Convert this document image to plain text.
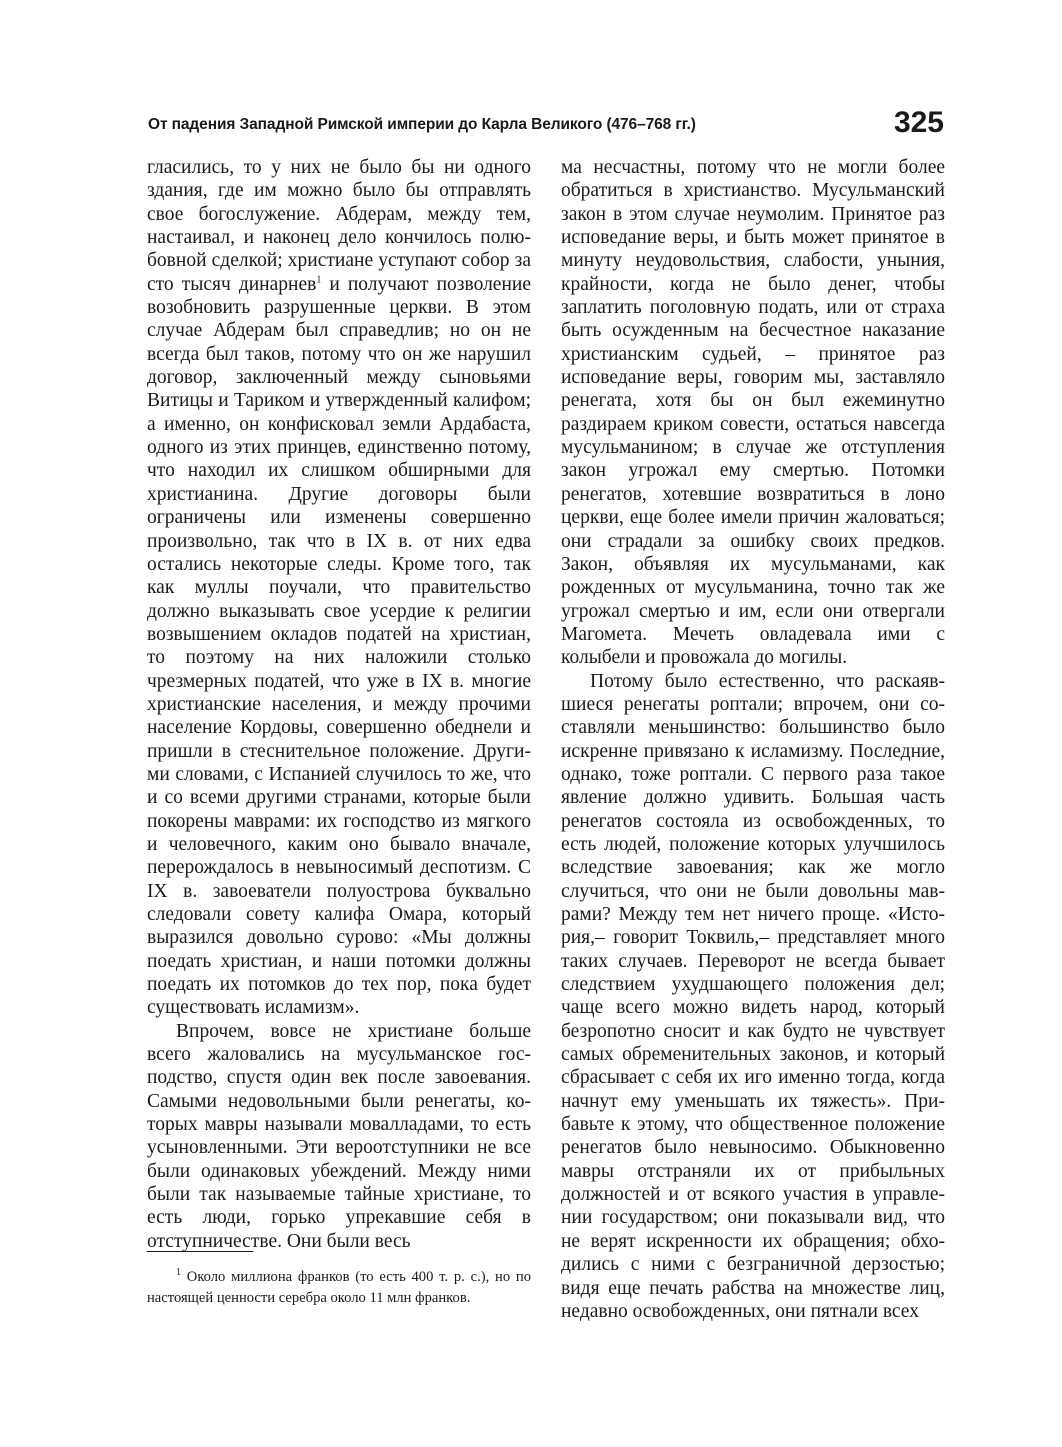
От падения Западной Римской империи до Карла Великого (476–768 гг.)	325

гласились, то у них не было бы ни одного здания, где им можно было бы отправлять свое богослужение. Абдерам, между тем, настаивал, и наконец дело кончилось полюбовной сделкой; христиане уступают собор за сто тысяч динарнев$^1$ и получают позволение возобновить разрушенные церкви. В этом случае Абдерам был справедлив; но он не всегда был таков, потому что он же нарушил договор, заключенный между сыновьями Витицы и Тариком и утвержденный калифом; а именно, он конфисковал земли Ардабаста, одного из этих принцев, единственно потому, что находил их слишком обширными для христианина. Другие договоры были ограничены или изменены совершенно произвольно, так что в IX в. от них едва остались некоторые следы. Кроме того, так как муллы поучали, что правительство должно выказывать свое усердие к религии возвышением окладов податей на христиан, то поэтому на них наложили столько чрезмерных податей, что уже в IX в. многие христианские населения, и между прочими население Кордовы, совершенно обеднели и пришли в стеснительное положение. Другими словами, с Испанией случилось то же, что и со всеми другими странами, которые были покорены маврами: их господство из мягкого и человечного, каким оно бывало вначале, перерождалось в невыносимый деспотизм. С IX в. завоеватели полуострова буквально следовали совету калифа Омара, который выразился довольно сурово: «Мы должны поедать христиан, и наши потомки должны поедать их потомков до тех пор, пока будет существовать исламизм».

Впрочем, вовсе не христиане больше всего жаловались на мусульманское господство, спустя один век после завоевания. Самыми недовольными были ренегаты, которых мавры называли мовалладами, то есть усыновленными. Эти вероотступники не все были одинаковых убеждений. Между ними были так называемые тайные христиане, то есть люди, горько упрекавшие себя в отступничестве. Они были весь

ма несчастны, потому что не могли более обратиться в христианство. Мусульманский закон в этом случае неумолим. Принятое раз исповедание веры, и быть может принятое в минуту неудовольствия, слабости, уныния, крайности, когда не было денег, чтобы заплатить поголовную подать, или от страха быть осужденным на бесчестное наказание христианским судьей, – принятое раз исповедание веры, говорим мы, заставляло ренегата, хотя бы он был ежеминутно раздираем криком совести, остаться навсегда мусульманином; в случае же отступления закон угрожал ему смертью. Потомки ренегатов, хотевшие возвратиться в лоно церкви, еще более имели причин жаловаться; они страдали за ошибку своих предков. Закон, объявляя их мусульманами, как рожденных от мусульманина, точно так же угрожал смертью и им, если они отвергали Магомета. Мечеть овладевала ими с колыбели и провожала до могилы.

Потому было естественно, что раскаявшиеся ренегаты роптали; впрочем, они составляли меньшинство: большинство было искренне привязано к исламизму. Последние, однако, тоже роптали. С первого раза такое явление должно удивить. Большая часть ренегатов состояла из освобожденных, то есть людей, положение которых улучшилось вследствие завоевания; как же могло случиться, что они не были довольны маврами? Между тем нет ничего проще. «История,– говорит Токвиль,– представляет много таких случаев. Переворот не всегда бывает следствием ухудшающего положения дел; чаще всего можно видеть народ, который безропотно сносит и как будто не чувствует самых обременительных законов, и который сбрасывает с себя их иго именно тогда, когда начнут ему уменьшать их тяжесть». Прибавьте к этому, что общественное положение ренегатов было невыносимо. Обыкновенно мавры отстраняли их от прибыльных должностей и от всякого участия в управлении государством; они показывали вид, что не верят искренности их обращения; обходились с ними с безграничной дерзостью; видя еще печать рабства на множестве лиц, недавно освобожденных, они пятнали всех

$^1$ Около миллиона франков (то есть 400 т. р. с.), но по настоящей ценности серебра около 11 млн франков.
